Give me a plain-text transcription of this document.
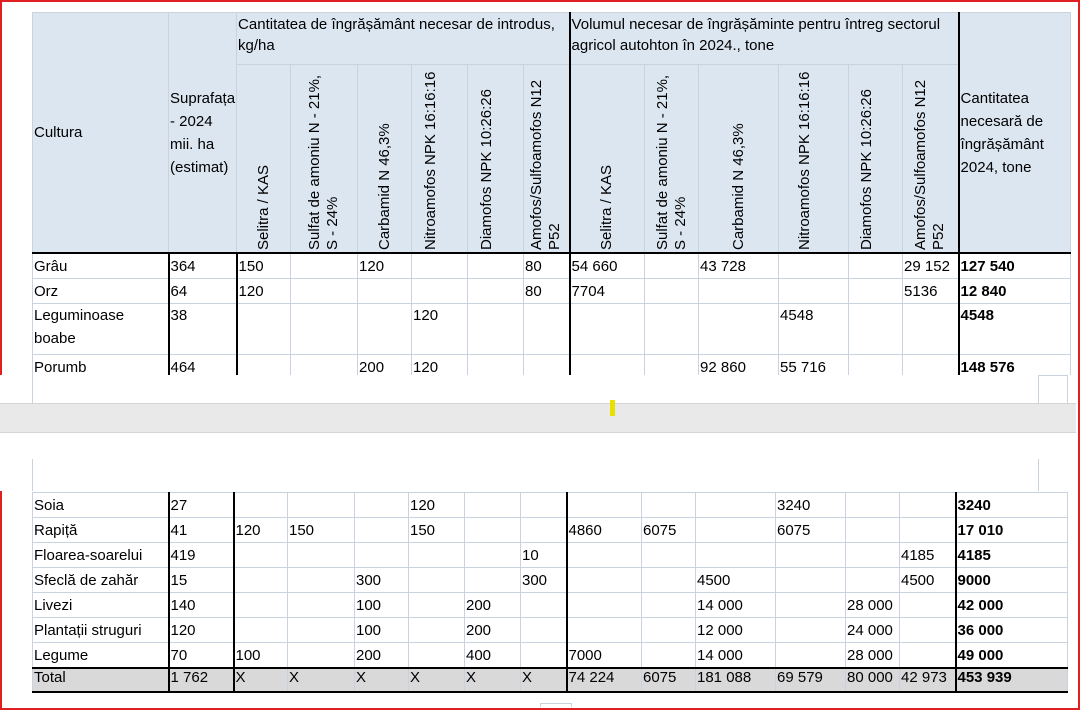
Cultura	Suprafața - 2024 mii. ha (estimat)	Cantitatea de îngrășământ necesar de introdus, kg/ha						Volumul necesar de îngrășăminte pentru întreg sectorul agricol autohton în 2024., tone						Cantitatea necesară de îngrășământ 2024, tone

		Selitra / KAS	Sulfat de amoniu N - 21%, S - 24%	Carbamid N 46,3%	Nitroamofos NPK 16:16:16	Diamofos NPK 10:26:26	Amofos/Sulfoamofos N12 P52	Selitra / KAS	Sulfat de amoniu N - 21%, S - 24%	Carbamid N 46,3%	Nitroamofos NPK 16:16:16	Diamofos NPK 10:26:26	Amofos/Sulfoamofos N12 P52	

Grâu	364	150		120			80	54 660		43 728			29 152	127 540
Orz	64	120					80	7704					5136	12 840
Leguminoase boabe	38				120						4548			4548
Porumb	464			200	120					92 860	55 716			148 576
Soia	27				120						3240			3240
Rapiță	41	120	150		150			4860	6075		6075			17 010
Floarea-soarelui	419						10						4185	4185
Sfeclă de zahăr	15			300			300			4500			4500	9000
Livezi	140			100		200				14 000		28 000		42 000
Plantații struguri	120			100		200				12 000		24 000		36 000
Legume	70	100		200		400		7000		14 000		28 000		49 000
Total	1 762	X	X	X	X	X	X	74 224	6075	181 088	69 579	80 000	42 973	453 939
